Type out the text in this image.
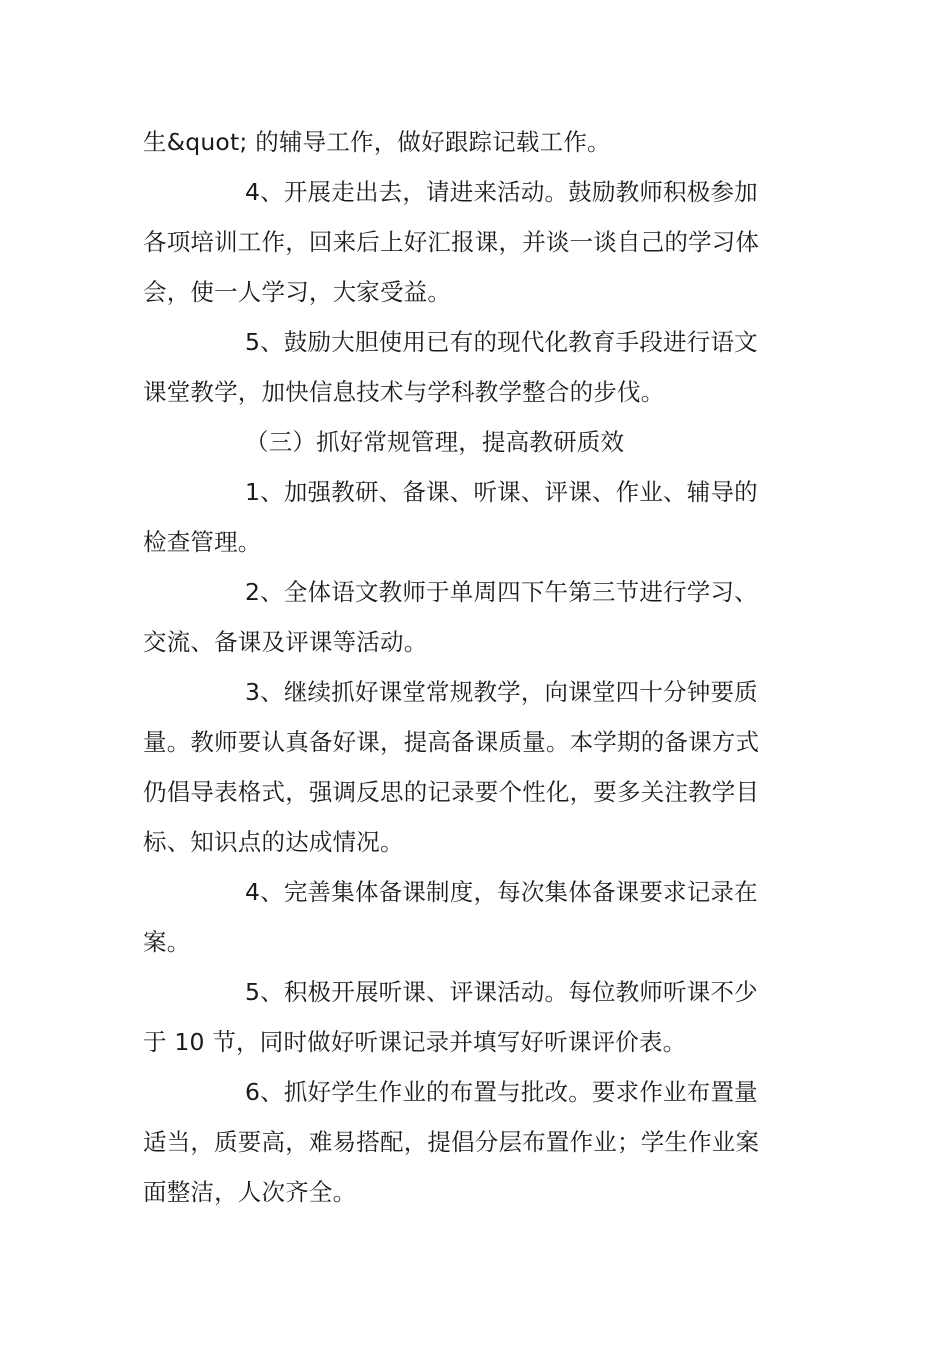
生&quot; 的辅导工作，做好跟踪记载工作。
4、开展走出去，请进来活动。鼓励教师积极参加
各项培训工作，回来后上好汇报课，并谈一谈自己的学习体
会，使一人学习，大家受益。
5、鼓励大胆使用已有的现代化教育手段进行语文
课堂教学，加快信息技术与学科教学整合的步伐。
（三）抓好常规管理，提高教研质效
1、加强教研、备课、听课、评课、作业、辅导的
检查管理。
2、全体语文教师于单周四下午第三节进行学习、
交流、备课及评课等活动。
3、继续抓好课堂常规教学，向课堂四十分钟要质
量。教师要认真备好课，提高备课质量。本学期的备课方式
仍倡导表格式，强调反思的记录要个性化，要多关注教学目
标、知识点的达成情况。
4、完善集体备课制度，每次集体备课要求记录在
案。
5、积极开展听课、评课活动。每位教师听课不少
于 10 节，同时做好听课记录并填写好听课评价表。
6、抓好学生作业的布置与批改。要求作业布置量
适当，质要高，难易搭配，提倡分层布置作业；学生作业案
面整洁，人次齐全。
